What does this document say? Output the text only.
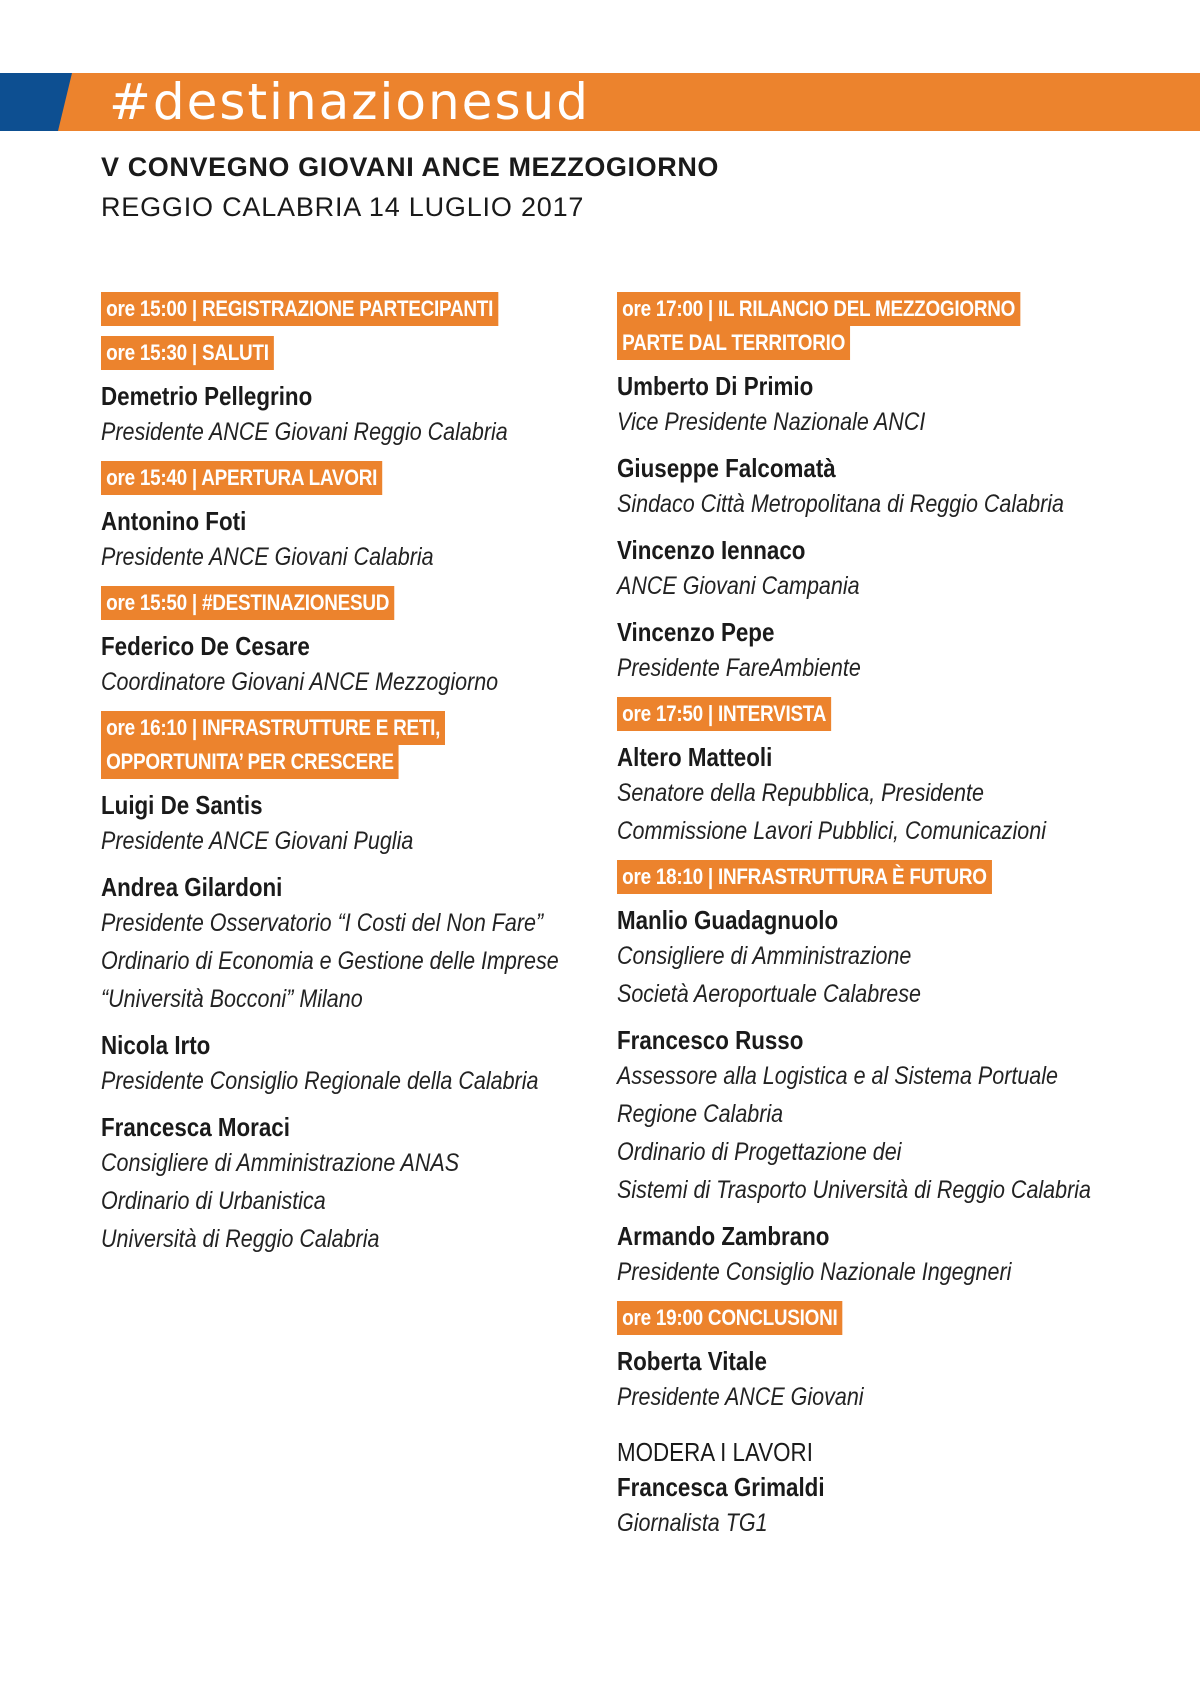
#destinazionesud
V CONVEGNO GIOVANI ANCE MEZZOGIORNO
REGGIO CALABRIA 14 LUGLIO 2017
ore 15:00 | REGISTRAZIONE PARTECIPANTI
ore 15:30 | SALUTI
Demetrio Pellegrino
Presidente ANCE Giovani Reggio Calabria
ore 15:40 | APERTURA LAVORI
Antonino Foti
Presidente ANCE Giovani Calabria
ore 15:50 | #DESTINAZIONESUD
Federico De Cesare
Coordinatore Giovani ANCE Mezzogiorno
ore 16:10 | INFRASTRUTTURE E RETI,
OPPORTUNITA’ PER CRESCERE
Luigi De Santis
Presidente ANCE Giovani Puglia
Andrea Gilardoni
Presidente Osservatorio “I Costi del Non Fare”
Ordinario di Economia e Gestione delle Imprese
“Università Bocconi” Milano
Nicola Irto
Presidente Consiglio Regionale della Calabria
Francesca Moraci
Consigliere di Amministrazione ANAS
Ordinario di Urbanistica
Università di Reggio Calabria
ore 17:00 | IL RILANCIO DEL MEZZOGIORNO
PARTE DAL TERRITORIO
Umberto Di Primio
Vice Presidente Nazionale ANCI
Giuseppe Falcomatà
Sindaco Città Metropolitana di Reggio Calabria
Vincenzo Iennaco
ANCE Giovani Campania
Vincenzo Pepe
Presidente FareAmbiente
ore 17:50 | INTERVISTA
Altero Matteoli
Senatore della Repubblica, Presidente
Commissione Lavori Pubblici, Comunicazioni
ore 18:10 | INFRASTRUTTURA È FUTURO
Manlio Guadagnuolo
Consigliere di Amministrazione
Società Aeroportuale Calabrese
Francesco Russo
Assessore alla Logistica e al Sistema Portuale
Regione Calabria
Ordinario di Progettazione dei
Sistemi di Trasporto Università di Reggio Calabria
Armando Zambrano
Presidente Consiglio Nazionale Ingegneri
ore 19:00 CONCLUSIONI
Roberta Vitale
Presidente ANCE Giovani
MODERA I LAVORI
Francesca Grimaldi
Giornalista TG1
